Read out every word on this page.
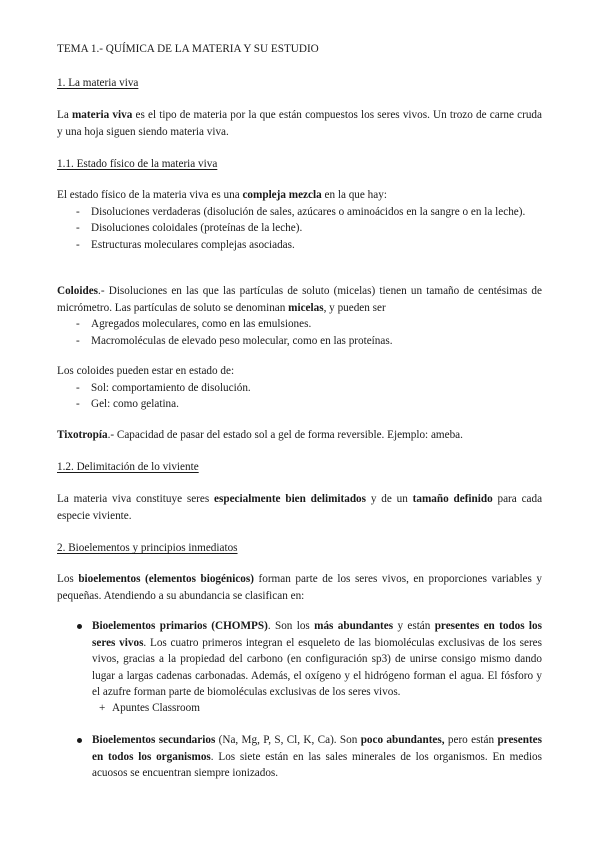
TEMA 1.- QUÍMICA DE LA MATERIA Y SU ESTUDIO

1. La materia viva

La materia viva es el tipo de materia por la que están compuestos los seres vivos. Un trozo de carne cruda y una hoja siguen siendo materia viva.

1.1. Estado físico de la materia viva

El estado físico de la materia viva es una compleja mezcla en la que hay:

- Disoluciones verdaderas (disolución de sales, azúcares o aminoácidos en la sangre o en la leche).
- Disoluciones coloidales (proteínas de la leche).
- Estructuras moleculares complejas asociadas.

Coloides.- Disoluciones en las que las partículas de soluto (micelas) tienen un tamaño de centésimas de micrómetro. Las partículas de soluto se denominan micelas, y pueden ser

- Agregados moleculares, como en las emulsiones.
- Macromoléculas de elevado peso molecular, como en las proteínas.

Los coloides pueden estar en estado de:

- Sol: comportamiento de disolución.
- Gel: como gelatina.

Tixotropía.- Capacidad de pasar del estado sol a gel de forma reversible. Ejemplo: ameba.

1.2. Delimitación de lo viviente

La materia viva constituye seres especialmente bien delimitados y de un tamaño definido para cada especie viviente.

2. Bioelementos y principios inmediatos

Los bioelementos (elementos biogénicos) forman parte de los seres vivos, en proporciones variables y pequeñas. Atendiendo a su abundancia se clasifican en:

Bioelementos primarios (CHOMPS). Son los más abundantes y están presentes en todos los seres vivos. Los cuatro primeros integran el esqueleto de las biomoléculas exclusivas de los seres vivos, gracias a la propiedad del carbono (en configuración sp3) de unirse consigo mismo dando lugar a largas cadenas carbonadas. Además, el oxígeno y el hidrógeno forman el agua. El fósforo y el azufre forman parte de biomoléculas exclusivas de los seres vivos.
+ Apuntes Classroom
Bioelementos secundarios (Na, Mg, P, S, Cl, K, Ca). Son poco abundantes, pero están presentes en todos los organismos. Los siete están en las sales minerales de los organismos. En medios acuosos se encuentran siempre ionizados.
